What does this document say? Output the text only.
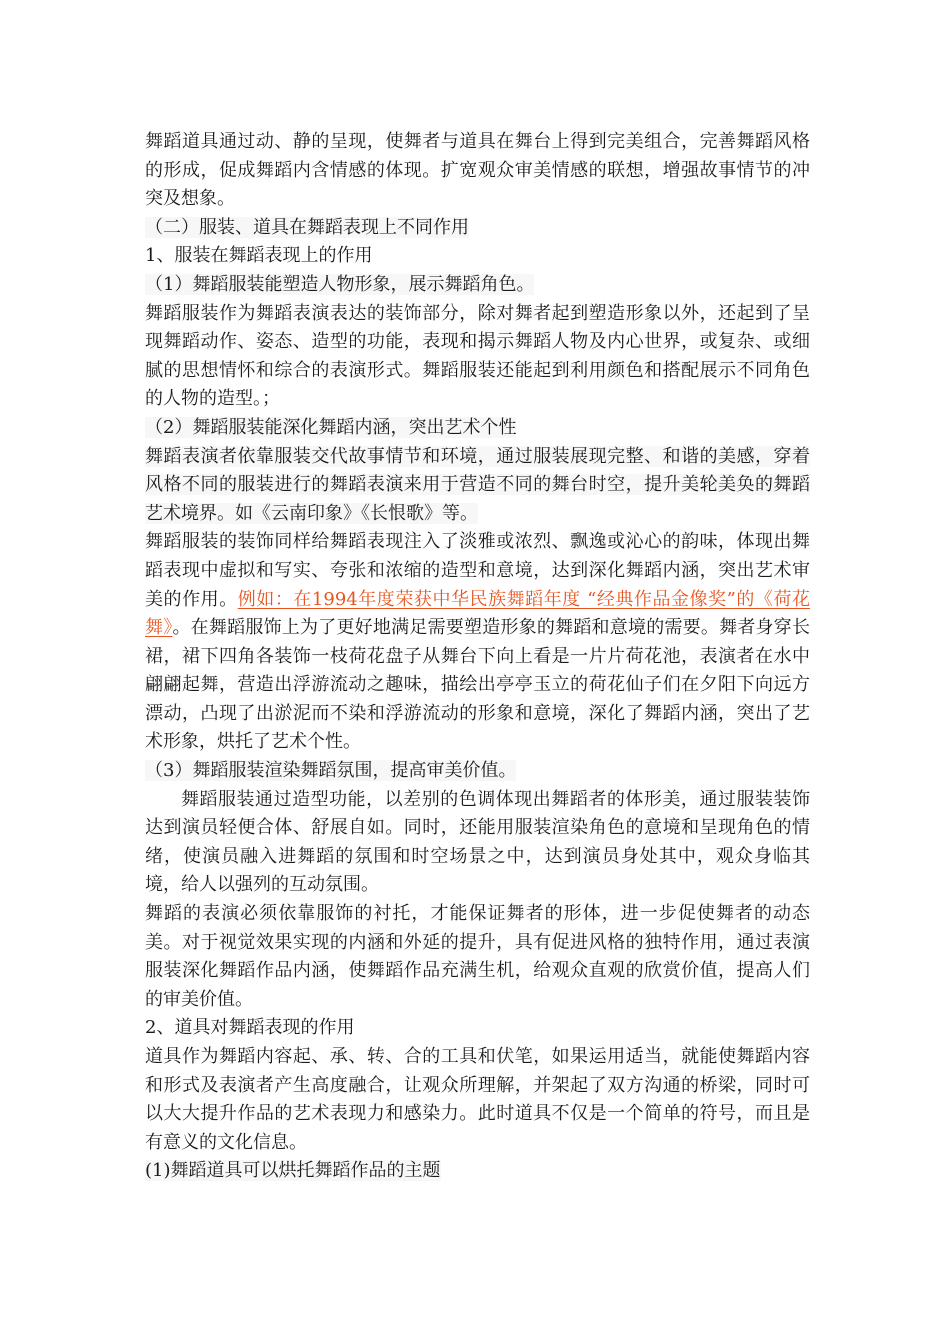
舞蹈道具通过动、静的呈现，使舞者与道具在舞台上得到完美组合，完善舞蹈风格的形成，促成舞蹈内含情感的体现。扩宽观众审美情感的联想，增强故事情节的冲突及想象。

（二）服装、道具在舞蹈表现上不同作用

1、服装在舞蹈表现上的作用

（1）舞蹈服装能塑造人物形象，展示舞蹈角色。

舞蹈服装作为舞蹈表演表达的装饰部分，除对舞者起到塑造形象以外，还起到了呈现舞蹈动作、姿态、造型的功能，表现和揭示舞蹈人物及内心世界，或复杂、或细腻的思想情怀和综合的表演形式。舞蹈服装还能起到利用颜色和搭配展示不同角色的人物的造型。；

（2）舞蹈服装能深化舞蹈内涵，突出艺术个性

舞蹈表演者依靠服装交代故事情节和环境，通过服装展现完整、和谐的美感，穿着风格不同的服装进行的舞蹈表演来用于营造不同的舞台时空，提升美轮美奂的舞蹈艺术境界。如《云南印象》《长恨歌》等。

舞蹈服装的装饰同样给舞蹈表现注入了淡雅或浓烈、飘逸或沁心的韵味，体现出舞蹈表现中虚拟和写实、夸张和浓缩的造型和意境，达到深化舞蹈内涵，突出艺术审美的作用。例如：在1994年度荣获中华民族舞蹈年度 “经典作品金像奖”的《荷花舞》。在舞蹈服饰上为了更好地满足需要塑造形象的舞蹈和意境的需要。舞者身穿长裙，裙下四角各装饰一枝荷花盘子从舞台下向上看是一片片荷花池，表演者在水中翩翩起舞，营造出浮游流动之趣味，描绘出亭亭玉立的荷花仙子们在夕阳下向远方漂动，凸现了出淤泥而不染和浮游流动的形象和意境，深化了舞蹈内涵，突出了艺术形象，烘托了艺术个性。

（3）舞蹈服装渲染舞蹈氛围，提高审美价值。

舞蹈服装通过造型功能，以差别的色调体现出舞蹈者的体形美，通过服装装饰达到演员轻便合体、舒展自如。同时，还能用服装渲染角色的意境和呈现角色的情绪，使演员融入进舞蹈的氛围和时空场景之中，达到演员身处其中，观众身临其境，给人以强列的互动氛围。

舞蹈的表演必须依靠服饰的衬托，才能保证舞者的形体，进一步促使舞者的动态美。对于视觉效果实现的内涵和外延的提升，具有促进风格的独特作用，通过表演服装深化舞蹈作品内涵，使舞蹈作品充满生机，给观众直观的欣赏价值，提高人们的审美价值。

2、道具对舞蹈表现的作用

道具作为舞蹈内容起、承、转、合的工具和伏笔，如果运用适当，就能使舞蹈内容和形式及表演者产生高度融合，让观众所理解，并架起了双方沟通的桥梁，同时可以大大提升作品的艺术表现力和感染力。此时道具不仅是一个简单的符号，而且是有意义的文化信息。

(1)舞蹈道具可以烘托舞蹈作品的主题
